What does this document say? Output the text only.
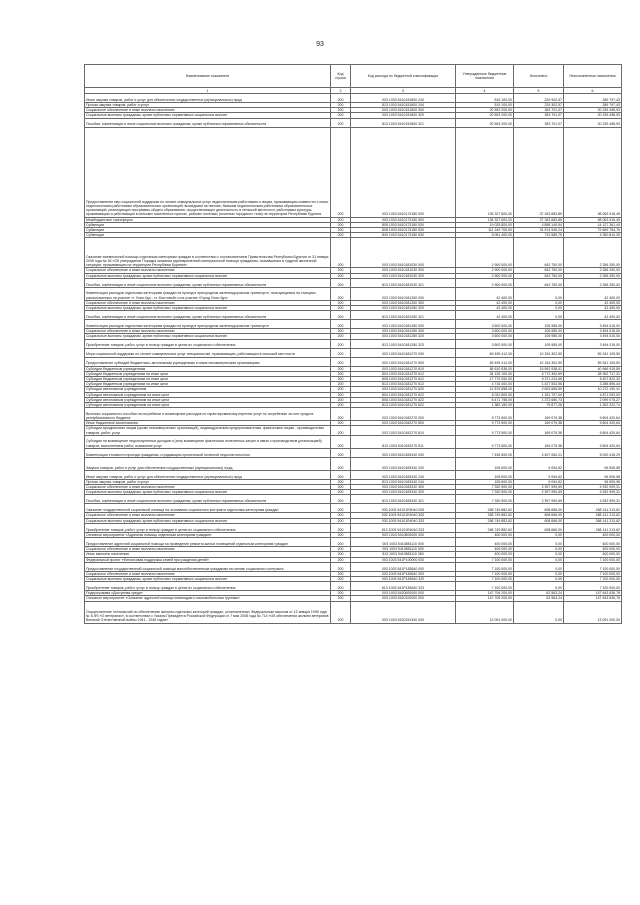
93
Наименование показателя	Код строки	Код расхода по бюджетной классификации	Утвержденные бюджетные назначения	Исполнено	Неисполненные назначения
1	2	3	4	5	6
Иные закупки товаров, работ и услуг для обеспечения государственных (муниципальных) нужд	200	003 1003 5410151800 240	519 100,00	229 902,57	289 797,43
Прочая закупка товаров, работ и услуг	200	813 1003 5410151800 244	519 100,00	229 302,57	289 797,43
Социальное обеспечение и иные выплаты населению	200	003 1003 5410151800 300	20 593 200,00	353 701,07	20 239 498,93
Социальные выплаты гражданам, кроме публичных нормативных социальных выплат	200	003 1003 5410151800 320	20 593 200,00	353 701,07	20 239 498,93
Пособия, компенсации и иные социальные выплаты гражданам, кроме публичных нормативных обязательств	200	813 1003 5410151800 321	20 593 200,00	353 701,07	20 239 498,93
Предоставление мер социальной поддержки по оплате коммунальных услуг педагогическим работникам и лицам, проживающим совместно с ними; педагогическим работникам образовательных организаций, вышедшим на пенсию; бывшим педагогическим работникам образовательных организаций, реализующих программы общего образования, осуществляющих деятельность в сельской местности; работникам культуры, проживающим и работающим в сельских населенных пунктах, рабочих поселках (поселках городского типа) на территории Республики Бурятия	200	003 1003 5410173180 000	135 327 600,00	37 263 683,85	98 063 916,45
Межбюджетные трансферты	200	003 1003 5410173180 500	135 327 600,00	37 263 683,85	98 063 916,45
Субвенции	200	805 1003 5410173180 530	19 025 800,00	4 898 145,54	14 127 361,44
Субвенции	200	808 1003 5410173180 530	111 249 700,00	31 574 945,24	79 669 754,76
Субвенции	200	849 1003 5410173180 530	5 051 400,00	710 589,75	4 350 810,25
Оказание ежемесячной помощи отдельным категориям граждан в соответствии с постановлением Правительства Республики Бурятия от 31 января 2008 года № 36 «Об утверждении Порядка оказания единовременной материальной помощи гражданам, оказавшимся в трудной жизненной ситуации, проживающим на территории Республики Бурятия»	200	003 1003 5410181030 000	2 900 000,00	643 750,00	2 256 250,00
Социальное обеспечение и иные выплаты населению	200	003 1003 5410181030 300	2 900 000,00	643 750,00	2 256 250,00
Социальные выплаты гражданам, кроме публичных нормативных социальных выплат	200	003 1003 5410181030 320	2 900 000,00	643 750,00	2 256 250,00
Пособия, компенсации и иные социальные выплаты гражданам, кроме публичных нормативных обязательств	200	813 1003 5410181030 321	2 900 000,00	643 750,00	2 256 250,00
Компенсация расходов отдельным категориям граждан на проезд в пригородном железнодорожном транспорте, пользующемся на станциях, расположенных на участке «г. Улан-Удэ - ст. Мостовой» и на участке «Город Улан-Удэ»	200	003 1003 5410181260 000	42 400,00	0,00	42 400,00
Социальное обеспечение и иные выплаты населению	200	003 1003 5410181260 300	42 400,00	0,00	42 400,00
Социальные выплаты гражданам, кроме публичных нормативных социальных выплат	200	003 1003 5410181260 320	42 400,00	0,00	42 400,00
Пособия, компенсации и иные социальные выплаты гражданам, кроме публичных нормативных обязательств	200	813 1003 5410181260 321	42 400,00	0,00	42 400,00
Компенсация расходов отдельным категориям граждан на проезд в пригородном железнодорожном транспорте	200	003 1003 5410181280 000	3 600 000,00	105 985,00	3 494 015,00
Социальное обеспечение и иные выплаты населению	200	003 1003 5410181280 300	3 600 000,00	105 985,00	3 494 015,00
Социальные выплаты гражданам, кроме публичных нормативных социальных выплат	200	003 1003 5410181280 320	3 600 000,00	105 985,00	3 494 015,00
Приобретение товаров, работ, услуг в пользу граждан в целях их социального обеспечения	200	813 1003 5410181280 323	3 600 000,00	105 985,00	3 494 015,00
Меры социальной поддержки по оплате коммунальных услуг специалистам, проживающим, работающим в сельской местности	200	003 1003 5410181270 000	69 495 412,00	10 154 302,50	59 341 109,50
Предоставление субсидий бюджетным, автономным учреждениям и иным некоммерческим организациям	200	003 1003 5410181270 600	69 495 412,00	10 154 302,50	59 341 109,50
Субсидии бюджетным учреждениям	200	003 1003 5410181270 610	56 610 538,00	15 592 938,41	40 966 919,59
Субсидии бюджетным учреждениям на иные цели	200	804 1003 5410181270 612	34 125 100,00	5 772 392,69	28 352 717,31
Субсидии бюджетным учреждениям на иные цели	200	808 1003 5410181270 612	17 779 050,00	9 371 224,68	8 407 822,32
Субсидии бюджетным учреждениям на иные цели	200	813 1003 5410181270 612	4 716 400,00	1 427 503,56	3 288 896,44
Субсидии автономным учреждениям	200	003 1003 5410181270 620	12 876 858,00	2 603 665,59	10 272 190,41
Субсидии автономным учреждениям на иные цели	200	804 1003 5410181270 622	6 022 800,00	1 151 707,00	4 871 093,00
Субсидии автономным учреждениям на иные цели	200	808 1003 5410181270 622	5 471 758,00	1 372 680,73	2 099 075,27
Субсидии автономным учреждениям на иные цели	200	813 1003 5410181270 622	1 382 150,00	79 877,26	1 302 222,74
Выплаты социального пособия на погребение и возмещение расходов по гарантированному перечню услуг по погребению за счет средств республиканского бюджета	200	003 1003 5410182270 000	9 773 500,00	169 079,38	9 604 420,64
Иные бюджетные ассигнования	200	003 1003 5410182270 800	9 773 500,00	169 079,38	9 604 420,64
Субсидии юридическим лицам (кроме некоммерческих организаций), индивидуальным предпринимателям, физическим лицам - производителям товаров, работ, услуг	200	003 1003 5410182270 810	9 773 500,00	169 079,38	9 604 420,64
Субсидии на возмещение недополученных доходов и (или) возмещение фактически понесенных затрат в связи с производством (реализацией) товаров, выполнением работ, оказанием услуг	200	813 1003 5410182270 811	9 773 500,00	169 079,38	9 604 420,64
Компенсация стоимости проезда гражданам, страдающим хронической почечной недостаточностью	200	003 1003 5410183340 000	7 436 500,00	2 407 084,21	5 029 415,29
Закупка товаров, работ и услуг для обеспечения государственных (муниципальных) нужд	200	003 1003 5410183340 200	105 600,00	9 094,62	96 505,98
Иные закупки товаров, работ и услуг для обеспечения государственных (муниципальных) нужд	200	003 1003 5410183340 240	105 600,00	9 094,62	96 505,98
Прочая закупка товаров, работ и услуг	200	813 1003 5410183340 244	105 600,00	9 094,62	96 505,98
Социальное обеспечение и иные выплаты населению	200	003 1003 5410183340 300	7 330 900,00	2 397 990,69	4 932 909,31
Социальные выплаты гражданам, кроме публичных нормативных социальных выплат	200	003 1003 5410183340 320	7 330 900,00	2 397 990,69	4 932 909,31
Пособия, компенсации и иные социальные выплаты гражданам, кроме публичных нормативных обязательств	200	813 1003 5410183340 321	7 330 900,00	2 397 990,69	4 932 909,31
Оказание государственной социальной помощи на основании социального контракта отдельным категориям граждан	200	003 1003 54101R4040 000	268 749 882,62	608 666,00	268 141 213,62
Социальное обеспечение и иные выплаты населению	200	003 1003 54101R4040 300	268 749 882,62	608 666,00	268 141 213,62
Социальные выплаты гражданам, кроме публичных нормативных социальных выплат	200	003 1003 54101R4040 320	268 749 882,62	608 666,00	268 141 213,62
Приобретение товаров, работ, услуг в пользу граждан в целях их социального обеспечения	200	813 1003 54101R4040 323	268 749 882,62	608 666,00	268 141 213,62
Основное мероприятие «Адресная помощь отдельным категориям граждан»	200	003 1003 5410800000 000	400 000,00	0,00	400 000,00
Предоставление адресной социальной помощи на проведение ремонта жилых помещений отдельным категориям граждан	200	003 1003 5410881110 000	400 000,00	0,00	400 000,00
Социальное обеспечение и иные выплаты населению	200	003 1003 5410881110 300	400 000,00	0,00	400 000,00
Иные выплаты населению	200	813 1003 5410881110 360	400 000,00	0,00	400 000,00
Федеральный проект «Финансовая поддержка семей при рождении детей»	200	003 1003 541P100000 000	7 100 000,00	0,00	7 100 000,00
Предоставление государственной социальной помощи малообеспеченным гражданам на основе социального контракта	200	003 1003 541P183640 000	7 100 000,00	0,00	7 100 000,00
Социальное обеспечение и иные выплаты населению	200	003 1003 541P183640 300	7 100 000,00	0,00	7 100 000,00
Социальные выплаты гражданам, кроме публичных нормативных социальных выплат	200	003 1003 541P183640 320	7 100 000,00	0,00	7 100 000,00
Приобретение товаров, работ, услуг в пользу граждан в целях их социального обеспечения	200	813 1003 541P183640 323	7 100 000,00	0,00	7 100 000,00
Подпрограмма «Доступная среда»	200	003 1003 5420000000 000	147 706 200,00	62 563,24	147 643 636,76
Основное мероприятие «Оказание адресной помощи инвалидам и маломобильным группам»	200	003 1003 5420100000 000	147 706 200,00	62 563,24	147 643 636,76
Осуществление полномочий по обеспечению жильем отдельных категорий граждан, установленных Федеральным законом от 12 января 1995 года № 5-ФЗ «О ветеранах», в соответствии с Указом Президента Российской Федерации от 7 мая 2008 года № 714 «Об обеспечении жильем ветеранов Великой Отечественной войны 1941 - 1945 годов»	200	003 1003 5420151340 000	13 091 000,00	0,00	13 091 000,00
